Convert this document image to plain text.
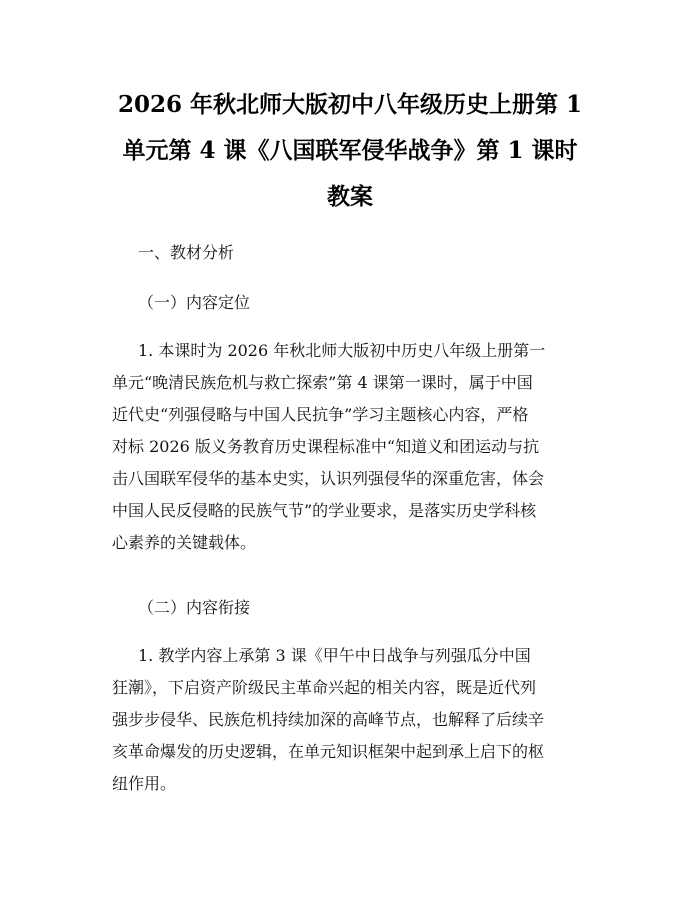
2026 年秋北师大版初中八年级历史上册第 1
单元第 4 课《八国联军侵华战争》第 1 课时
教案

一、教材分析

（一）内容定位

1. 本课时为 2026 年秋北师大版初中历史八年级上册第一
单元“晚清民族危机与救亡探索”第 4 课第一课时，属于中国
近代史“列强侵略与中国人民抗争”学习主题核心内容，严格
对标 2026 版义务教育历史课程标准中“知道义和团运动与抗
击八国联军侵华的基本史实，认识列强侵华的深重危害，体会
中国人民反侵略的民族气节”的学业要求，是落实历史学科核
心素养的关键载体。

（二）内容衔接

1. 教学内容上承第 3 课《甲午中日战争与列强瓜分中国
狂潮》，下启资产阶级民主革命兴起的相关内容，既是近代列
强步步侵华、民族危机持续加深的高峰节点，也解释了后续辛
亥革命爆发的历史逻辑，在单元知识框架中起到承上启下的枢
纽作用。
